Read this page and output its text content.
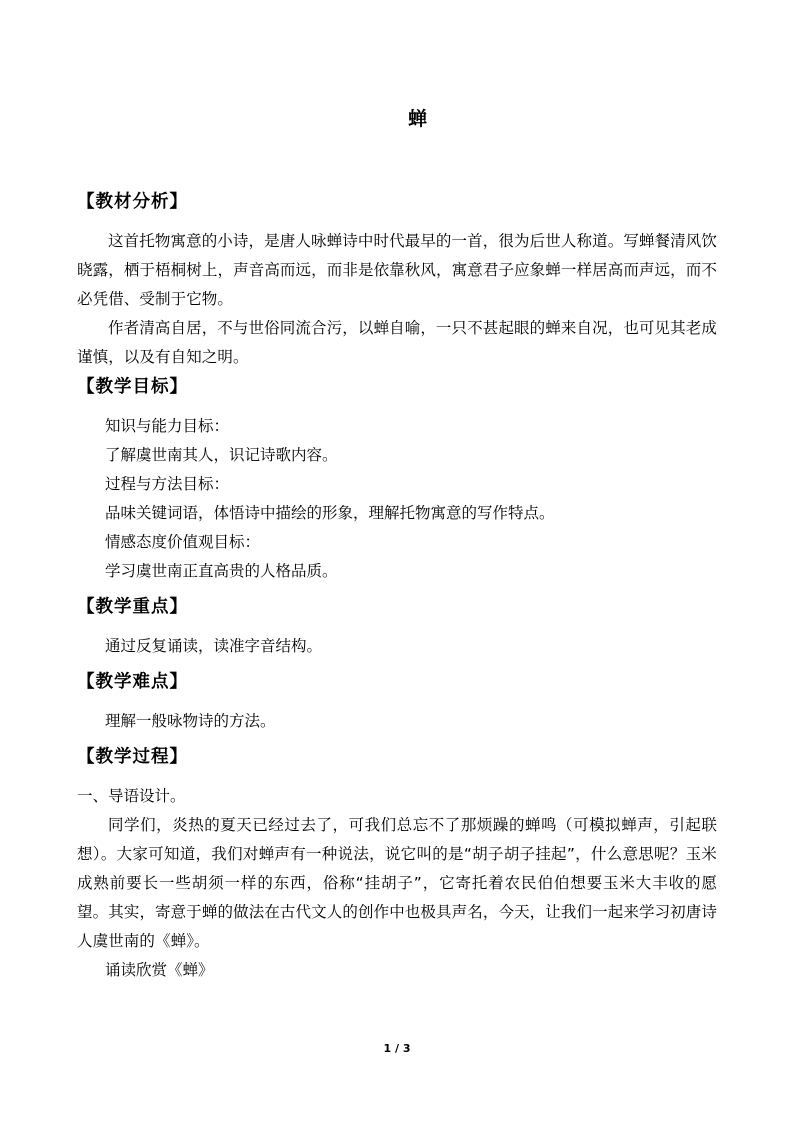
蝉
【教材分析】

这首托物寓意的小诗，是唐人咏蝉诗中时代最早的一首，很为后世人称道。写蝉餐清风饮晓露，栖于梧桐树上，声音高而远，而非是依靠秋风，寓意君子应象蝉一样居高而声远，而不必凭借、受制于它物。

作者清高自居，不与世俗同流合污，以蝉自喻，一只不甚起眼的蝉来自况，也可见其老成谨慎，以及有自知之明。

【教学目标】

知识与能力目标：

了解虞世南其人，识记诗歌内容。

过程与方法目标：

品味关键词语，体悟诗中描绘的形象，理解托物寓意的写作特点。

情感态度价值观目标：

学习虞世南正直高贵的人格品质。

【教学重点】

通过反复诵读，读准字音结构。

【教学难点】

理解一般咏物诗的方法。

【教学过程】

一、导语设计。

同学们，炎热的夏天已经过去了，可我们总忘不了那烦躁的蝉鸣（可模拟蝉声，引起联想）。大家可知道，我们对蝉声有一种说法，说它叫的是“胡子胡子挂起”，什么意思呢？玉米成熟前要长一些胡须一样的东西，俗称“挂胡子”，它寄托着农民伯伯想要玉米大丰收的愿望。其实，寄意于蝉的做法在古代文人的创作中也极具声名，今天，让我们一起来学习初唐诗人虞世南的《蝉》。

诵读欣赏《蝉》

1 / 3
